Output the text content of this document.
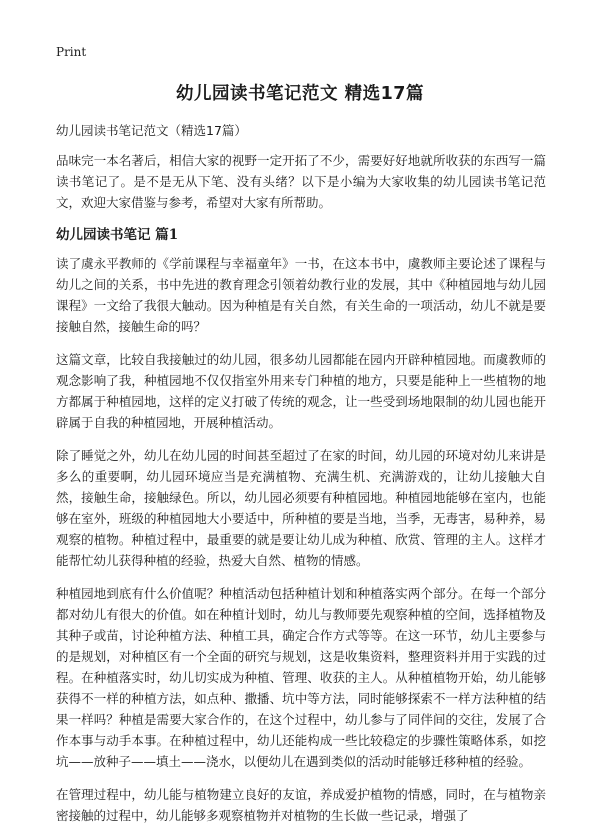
Print
幼儿园读书笔记范文 精选17篇
幼儿园读书笔记范文（精选17篇）

品味完一本名著后，相信大家的视野一定开拓了不少，需要好好地就所收获的东西写一篇读书笔记了。是不是无从下笔、没有头绪？以下是小编为大家收集的幼儿园读书笔记范文，欢迎大家借鉴与参考，希望对大家有所帮助。

幼儿园读书笔记 篇1

读了虞永平教师的《学前课程与幸福童年》一书，在这本书中，虞教师主要论述了课程与幼儿之间的关系，书中先进的教育理念引领着幼教行业的发展，其中《种植园地与幼儿园课程》一文给了我很大触动。因为种植是有关自然，有关生命的一项活动，幼儿不就是要接触自然，接触生命的吗？

这篇文章，比较自我接触过的幼儿园，很多幼儿园都能在园内开辟种植园地。而虞教师的观念影响了我，种植园地不仅仅指室外用来专门种植的地方，只要是能种上一些植物的地方都属于种植园地，这样的定义打破了传统的观念，让一些受到场地限制的幼儿园也能开辟属于自我的种植园地，开展种植活动。

除了睡觉之外，幼儿在幼儿园的时间甚至超过了在家的时间，幼儿园的环境对幼儿来讲是多么的重要啊，幼儿园环境应当是充满植物、充满生机、充满游戏的，让幼儿接触大自然，接触生命，接触绿色。所以，幼儿园必须要有种植园地。种植园地能够在室内，也能够在室外，班级的种植园地大小要适中，所种植的要是当地，当季，无毒害，易种养，易观察的植物。种植过程中，最重要的就是要让幼儿成为种植、欣赏、管理的主人。这样才能帮忙幼儿获得种植的经验，热爱大自然、植物的情感。

种植园地到底有什么价值呢？种植活动包括种植计划和种植落实两个部分。在每一个部分都对幼儿有很大的价值。如在种植计划时，幼儿与教师要先观察种植的空间，选择植物及其种子或苗，讨论种植方法、种植工具，确定合作方式等等。在这一环节，幼儿主要参与的是规划，对种植区有一个全面的研究与规划，这是收集资料，整理资料并用于实践的过程。在种植落实时，幼儿切实成为种植、管理、收获的主人。从种植植物开始，幼儿能够获得不一样的种植方法，如点种、撒播、坑中等方法，同时能够探索不一样方法种植的结果一样吗？种植是需要大家合作的，在这个过程中，幼儿参与了同伴间的交往，发展了合作本事与动手本事。在种植过程中，幼儿还能构成一些比较稳定的步骤性策略体系，如挖坑——放种子——填土——浇水，以便幼儿在遇到类似的活动时能够迁移种植的经验。

在管理过程中，幼儿能与植物建立良好的友谊，养成爱护植物的情感，同时，在与植物亲密接触的过程中，幼儿能够多观察植物并对植物的生长做一些记录，增强了
